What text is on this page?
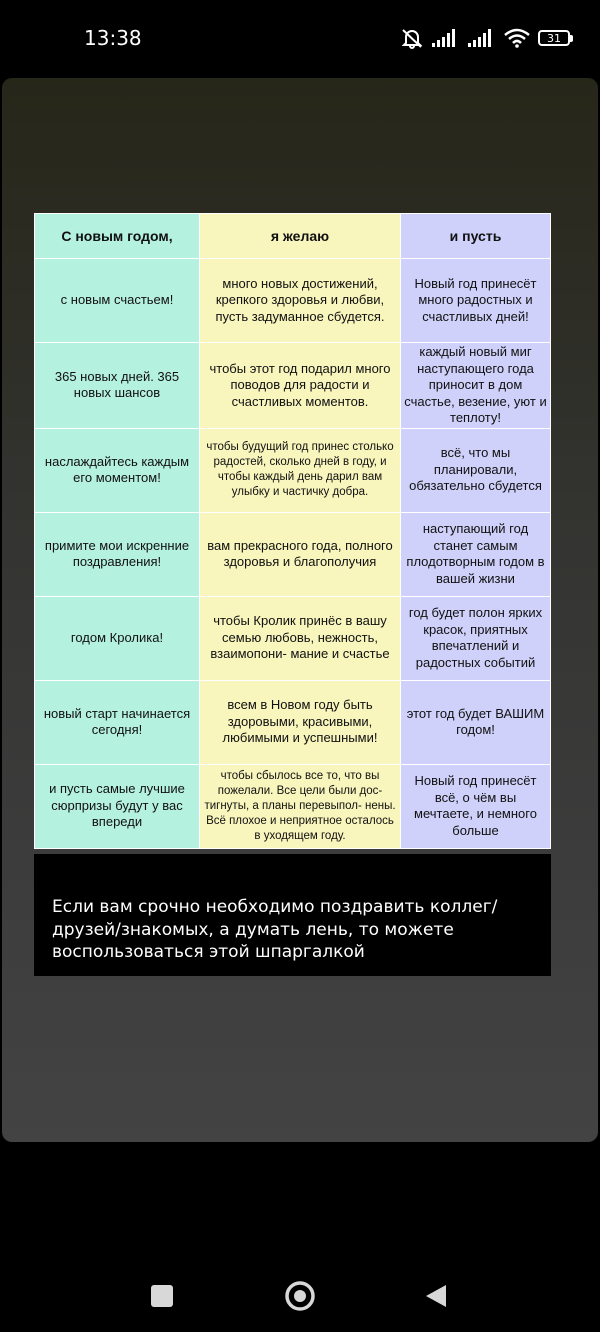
13:38	31
С новым годом,	я желаю	и пусть
с новым счастьем!	много новых достижений, крепкого здоровья и любви, пусть задуманное сбудется.	Новый год принесёт много радостных и счастливых дней!
365 новых дней. 365 новых шансов	чтобы этот год подарил много поводов для радости и счастливых моментов.	каждый новый миг наступающего года приносит в дом счастье, везение, уют и теплоту!
наслаждайтесь каждым его моментом!	чтобы будущий год принес столько радостей, сколько дней в году, и чтобы каждый день дарил вам улыбку и частичку добра.	всё, что мы планировали, обязательно сбудется
примите мои искренние поздравления!	вам прекрасного года, полного здоровья и благополучия	наступающий год станет самым плодотворным годом в вашей жизни
годом Кролика!	чтобы Кролик принёс в вашу семью любовь, нежность, взаимопони- мание и счастье	год будет полон ярких красок, приятных впечатлений и радостных событий
новый старт начинается сегодня!	всем в Новом году быть здоровыми, красивыми, любимыми и успешными!	этот год будет ВАШИМ годом!
и пусть самые лучшие сюрпризы будут у вас впереди	чтобы сбылось все то, что вы пожелали. Все цели были дос- тигнуты, а планы перевыпол- нены. Всё плохое и неприятное осталось в уходящем году.	Новый год принесёт всё, о чём вы мечтаете, и немного больше
Если вам срочно необходимо поздравить коллег/ друзей/знакомых, а думать лень, то можете воспользоваться этой шпаргалкой
